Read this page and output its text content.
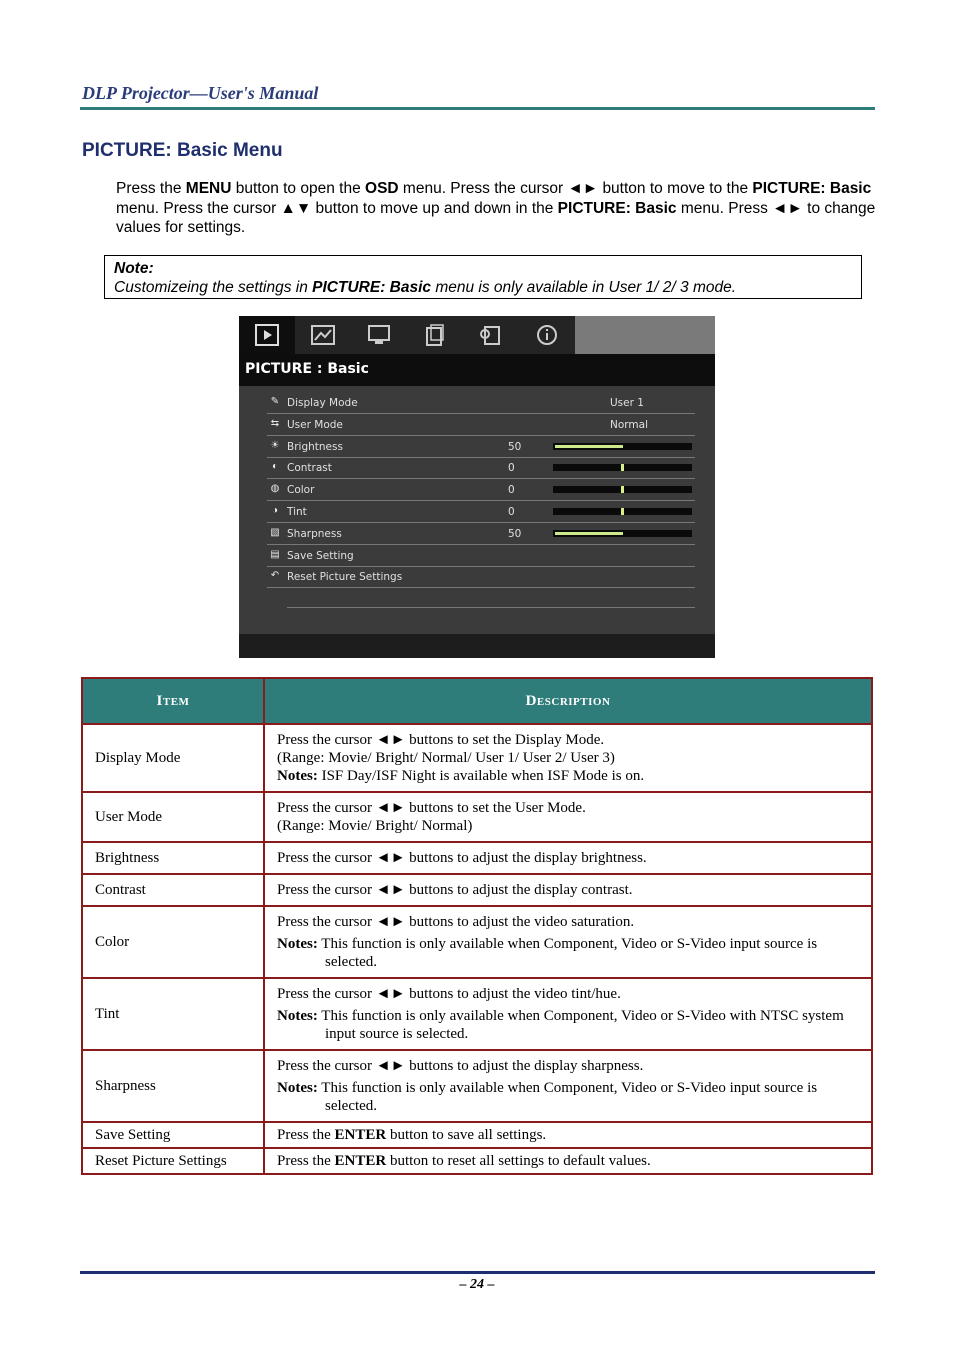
DLP Projector—User's Manual
PICTURE: Basic Menu
Press the MENU button to open the OSD menu. Press the cursor ◄► button to move to the PICTURE: Basic menu. Press the cursor ▲▼ button to move up and down in the PICTURE: Basic menu. Press ◄► to change values for settings.
Note:
Customizeing the settings in PICTURE: Basic menu is only available in User 1/ 2/ 3 mode.
PICTURE : Basic
✎ Display Mode	User 1
⇆ User Mode	Normal
☀ Brightness	50
◐ Contrast	0
◍ Color	0
◑ Tint	0
▧ Sharpness	50
▤ Save Setting
↶ Reset Picture Settings
Item	Description
Display Mode	Press the cursor ◄► buttons to set the Display Mode.
(Range: Movie/ Bright/ Normal/ User 1/ User 2/ User 3)
Notes: ISF Day/ISF Night is available when ISF Mode is on.

User Mode	Press the cursor ◄► buttons to set the User Mode.
(Range: Movie/ Bright/ Normal)

Brightness	Press the cursor ◄► buttons to adjust the display brightness.

Contrast	Press the cursor ◄► buttons to adjust the display contrast.

Color	Press the cursor ◄► buttons to adjust the video saturation.
Notes: This function is only available when Component, Video or S-Video input source is selected.

Tint	Press the cursor ◄► buttons to adjust the video tint/hue.
Notes: This function is only available when Component, Video or S-Video with NTSC system input source is selected.

Sharpness	Press the cursor ◄► buttons to adjust the display sharpness.
Notes: This function is only available when Component, Video or S-Video input source is selected.

Save Setting	Press the ENTER button to save all settings.

Reset Picture Settings	Press the ENTER button to reset all settings to default values.
– 24 –
